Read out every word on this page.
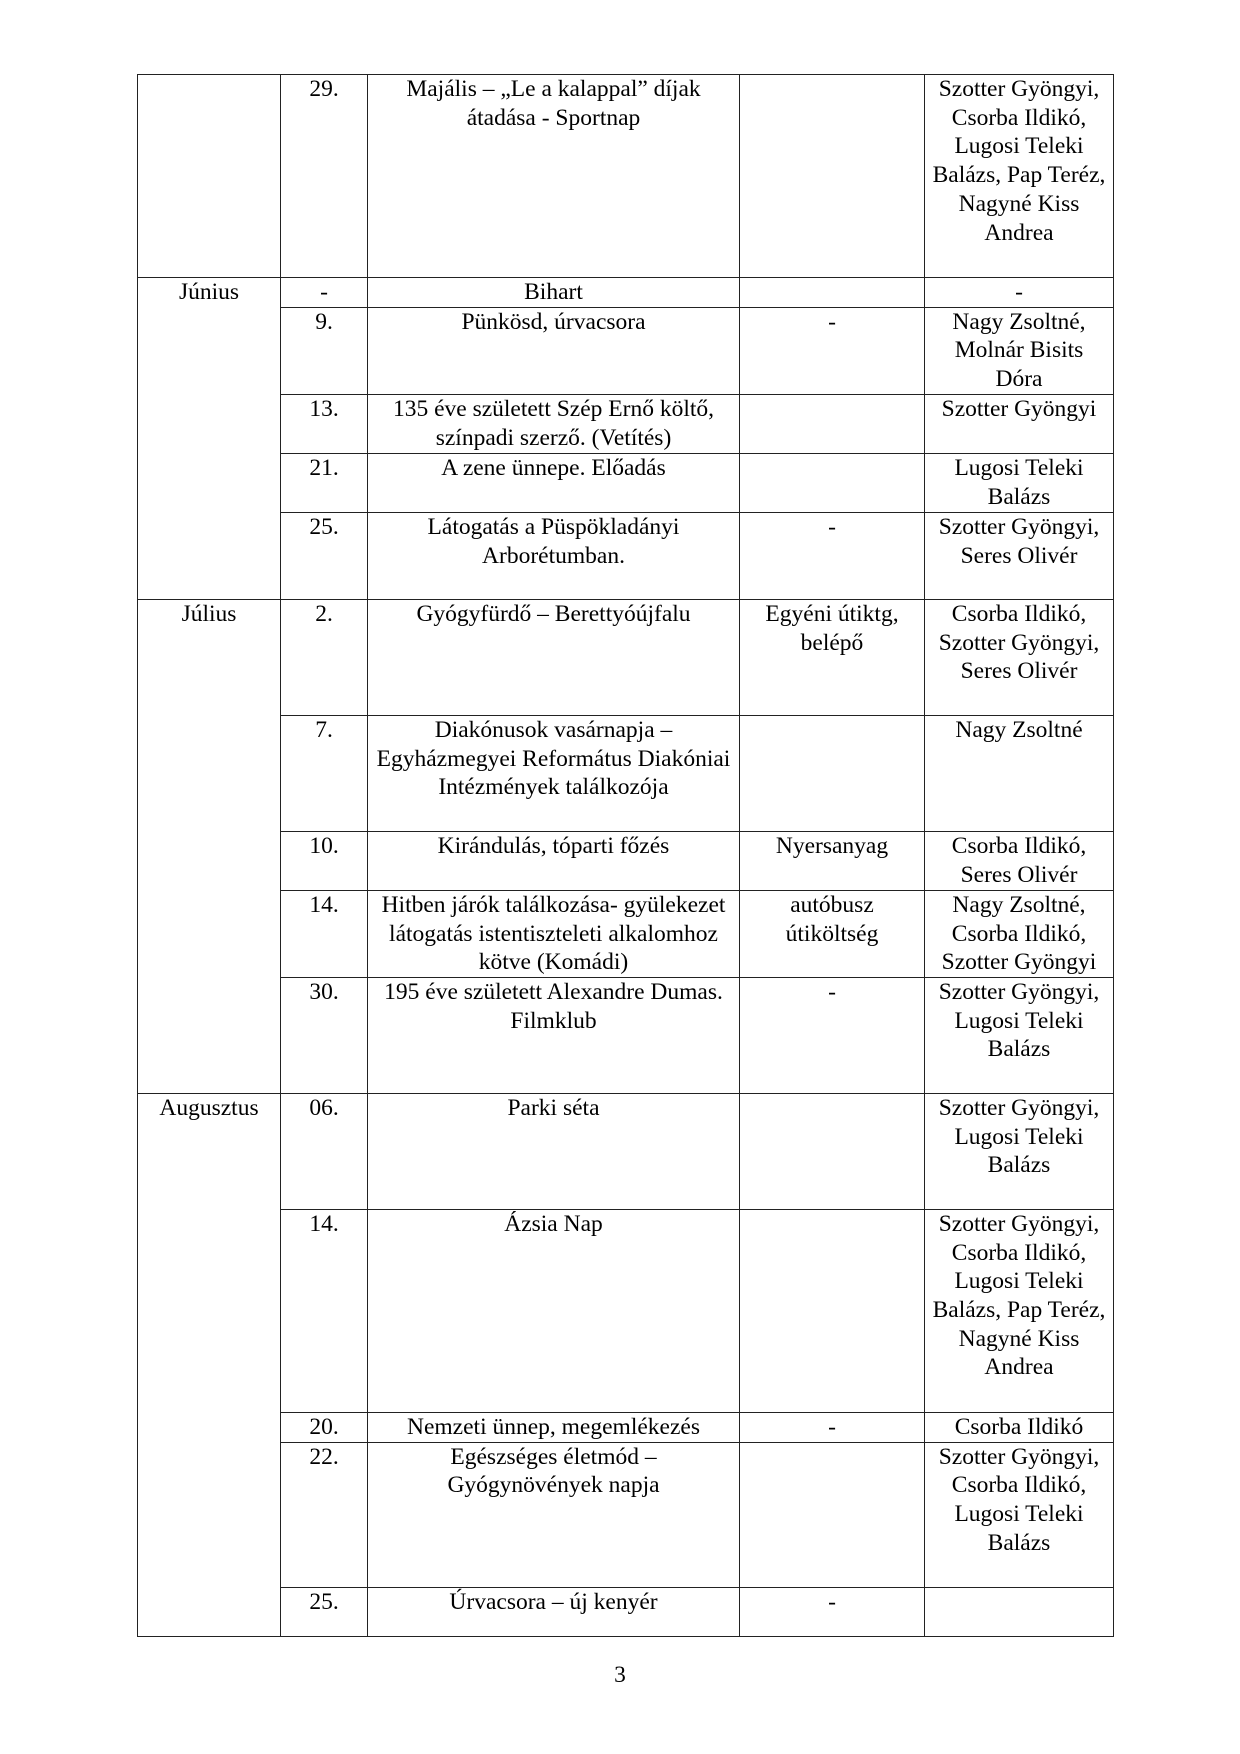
	29.	Majális – „Le a kalappal” díjak átadása - Sportnap		Szotter Gyöngyi, Csorba Ildikó, Lugosi Teleki Balázs, Pap Teréz, Nagyné Kiss Andrea
Június	-	Bihart		-
	9.	Pünkösd, úrvacsora	-	Nagy Zsoltné, Molnár Bisits Dóra
	13.	135 éve született Szép Ernő költő, színpadi szerző. (Vetítés)		Szotter Gyöngyi
	21.	A zene ünnepe. Előadás		Lugosi Teleki Balázs
	25.	Látogatás a Püspökladányi Arborétumban.	-	Szotter Gyöngyi, Seres Olivér
Július	2.	Gyógyfürdő – Berettyóújfalu	Egyéni útiktg, belépő	Csorba Ildikó, Szotter Gyöngyi, Seres Olivér
	7.	Diakónusok vasárnapja – Egyházmegyei Református Diakóniai Intézmények találkozója		Nagy Zsoltné
	10.	Kirándulás, tóparti főzés	Nyersanyag	Csorba Ildikó, Seres Olivér
	14.	Hitben járók találkozása- gyülekezet látogatás istentiszteleti alkalomhoz kötve (Komádi)	autóbusz útiköltség	Nagy Zsoltné, Csorba Ildikó, Szotter Gyöngyi
	30.	195 éve született Alexandre Dumas. Filmklub	-	Szotter Gyöngyi, Lugosi Teleki Balázs
Augusztus	06.	Parki séta		Szotter Gyöngyi, Lugosi Teleki Balázs
	14.	Ázsia Nap		Szotter Gyöngyi, Csorba Ildikó, Lugosi Teleki Balázs, Pap Teréz, Nagyné Kiss Andrea
	20.	Nemzeti ünnep, megemlékezés	-	Csorba Ildikó
	22.	Egészséges életmód – Gyógynövények napja		Szotter Gyöngyi, Csorba Ildikó, Lugosi Teleki Balázs
	25.	Úrvacsora – új kenyér	-	
3
